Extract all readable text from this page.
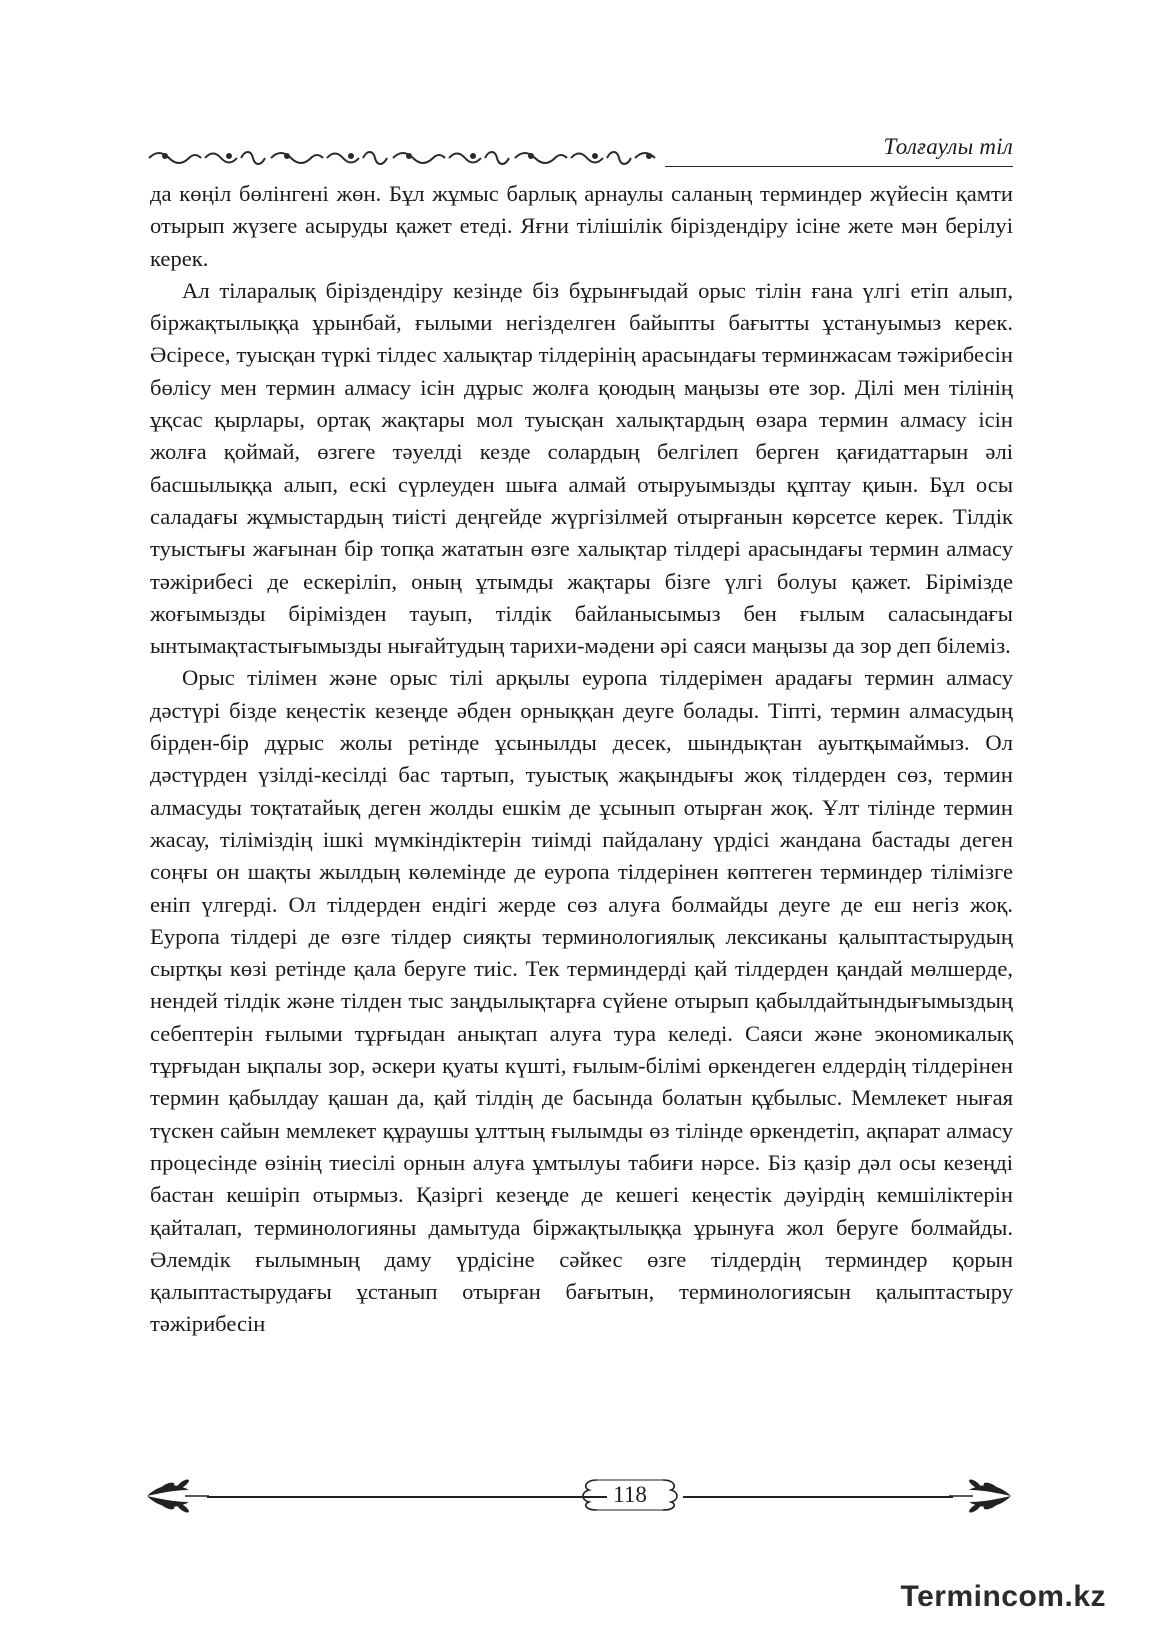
Толғаулы тіл

да көңіл бөлінгені жөн. Бұл жұмыс барлық арнаулы саланың терминдер жүйесін қамти отырып жүзеге асыруды қажет етеді. Яғни тілішілік біріздендіру ісіне жете мән берілуі керек.

Ал тіларалық біріздендіру кезінде біз бұрынғыдай орыс тілін ғана үлгі етіп алып, біржақтылыққа ұрынбай, ғылыми негізделген байыпты бағытты ұстануымыз керек. Әсіресе, туысқан түркі тілдес халықтар тілдерінің арасындағы терминжасам тәжірибесін бөлісу мен термин алмасу ісін дұрыс жолға қоюдың маңызы өте зор. Ділі мен тілінің ұқсас қырлары, ортақ жақтары мол туысқан халықтардың өзара термин алмасу ісін жолға қоймай, өзгеге тәуелді кезде солардың белгілеп берген қағидаттарын әлі басшылыққа алып, ескі сүрлеуден шыға алмай отыруымызды құптау қиын. Бұл осы саладағы жұмыстардың тиісті деңгейде жүргізілмей отырғанын көрсетсе керек. Тілдік туыстығы жағынан бір топқа жататын өзге халықтар тілдері арасындағы термин алмасу тәжірибесі де ескеріліп, оның ұтымды жақтары бізге үлгі болуы қажет. Бірімізде жоғымызды бірімізден тауып, тілдік байланысымыз бен ғылым саласындағы ынтымақтастығымызды нығайтудың тарихи-мәдени әрі саяси маңызы да зор деп білеміз.

Орыс тілімен және орыс тілі арқылы еуропа тілдерімен арадағы термин алмасу дәстүрі бізде кеңестік кезеңде әбден орныққан деуге болады. Тіпті, термин алмасудың бірден-бір дұрыс жолы ретінде ұсынылды десек, шындықтан ауытқымаймыз. Ол дәстүрден үзілді-кесілді бас тартып, туыстық жақындығы жоқ тілдерден сөз, термин алмасуды тоқтатайық деген жолды ешкім де ұсынып отырған жоқ. Ұлт тілінде термин жасау, тіліміздің ішкі мүмкіндіктерін тиімді пайдалану үрдісі жандана бастады деген соңғы он шақты жылдың көлемінде де еуропа тілдерінен көптеген терминдер тілімізге еніп үлгерді. Ол тілдерден ендігі жерде сөз алуға болмайды деуге де еш негіз жоқ. Еуропа тілдері де өзге тілдер сияқты терминологиялық лексиканы қалыптастырудың сыртқы көзі ретінде қала беруге тиіс. Тек терминдерді қай тілдерден қандай мөлшерде, нендей тілдік және тілден тыс заңдылықтарға сүйене отырып қабылдайтындығымыздың себептерін ғылыми тұрғыдан анықтап алуға тура келеді. Саяси және экономикалық тұрғыдан ықпалы зор, әскери қуаты күшті, ғылым-білімі өркендеген елдердің тілдерінен термин қабылдау қашан да, қай тілдің де басында болатын құбылыс. Мемлекет нығая түскен сайын мемлекет құраушы ұлттың ғылымды өз тілінде өркендетіп, ақпарат алмасу процесінде өзінің тиесілі орнын алуға ұмтылуы табиғи нәрсе. Біз қазір дәл осы кезеңді бастан кешіріп отырмыз. Қазіргі кезеңде де кешегі кеңестік дәуірдің кемшіліктерін қайталап, терминологияны дамытуда біржақтылыққа ұрынуға жол беруге болмайды. Әлемдік ғылымның даму үрдісіне сәйкес өзге тілдердің терминдер қорын қалыптастырудағы ұстанып отырған бағытын, терминологиясын қалыптастыру тәжірибесін

118
Termincom.kz
